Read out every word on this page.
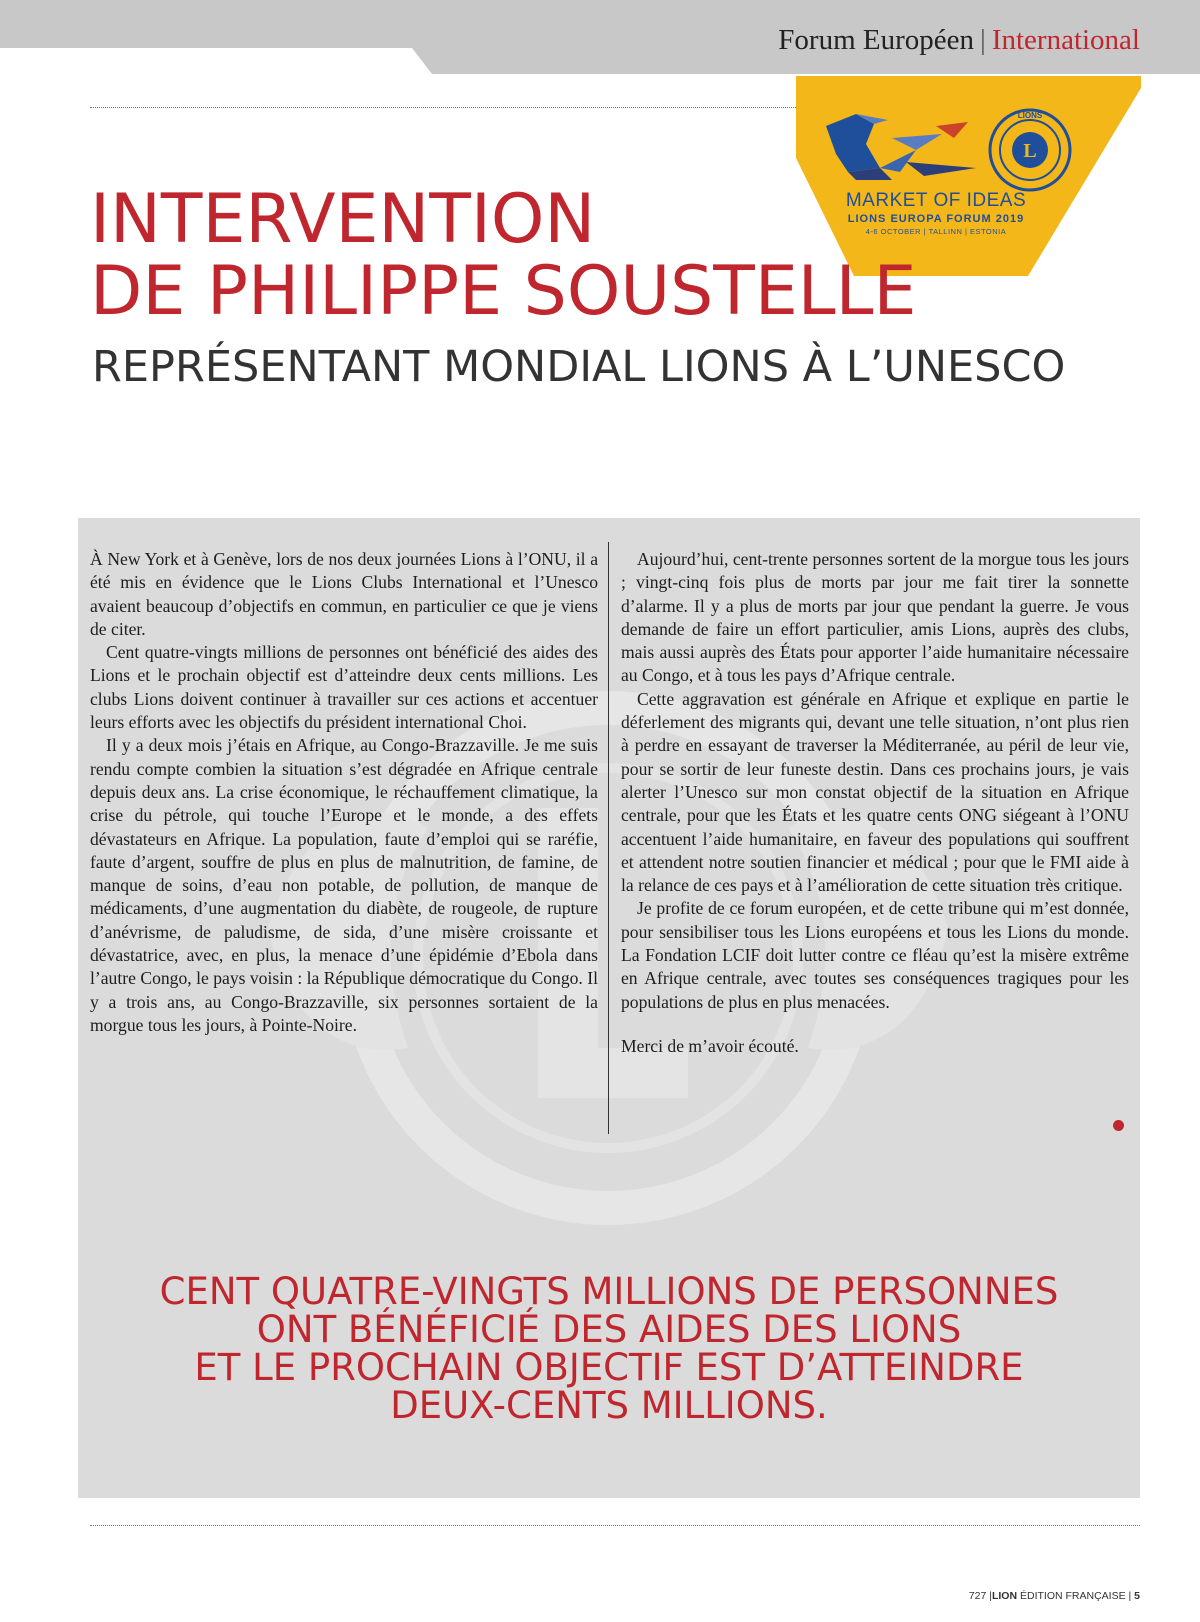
Forum Européen | International
L
LIONS
MARKET OF IDEAS
LIONS EUROPA FORUM 2019
4-6 OCTOBER | TALLINN | ESTONIA
INTERVENTION
DE PHILIPPE SOUSTELLE
REPRÉSENTANT MONDIAL LIONS À L’UNESCO

À New York et à Genève, lors de nos deux journées Lions à l’ONU, il a été mis en évidence que le Lions Clubs International et l’Unesco avaient beaucoup d’objectifs en commun, en particulier ce que je viens de citer.

Cent quatre-vingts millions de personnes ont bénéficié des aides des Lions et le prochain objectif est d’atteindre deux cents millions. Les clubs Lions doivent continuer à travailler sur ces actions et accentuer leurs efforts avec les objectifs du président international Choi.

Il y a deux mois j’étais en Afrique, au Congo-Brazzaville. Je me suis rendu compte combien la situation s’est dégradée en Afrique centrale depuis deux ans. La crise économique, le réchauffement climatique, la crise du pétrole, qui touche l’Europe et le monde, a des effets dévastateurs en Afrique. La population, faute d’emploi qui se raréfie, faute d’argent, souffre de plus en plus de malnutrition, de famine, de manque de soins, d’eau non potable, de pollution, de manque de médicaments, d’une augmentation du diabète, de rougeole, de rupture d’anévrisme, de paludisme, de sida, d’une misère croissante et dévastatrice, avec, en plus, la menace d’une épidémie d’Ebola dans l’autre Congo, le pays voisin : la République démocratique du Congo. Il y a trois ans, au Congo-Brazzaville, six personnes sortaient de la morgue tous les jours, à Pointe-Noire.

Aujourd’hui, cent-trente personnes sortent de la morgue tous les jours ; vingt-cinq fois plus de morts par jour me fait tirer la sonnette d’alarme. Il y a plus de morts par jour que pendant la guerre. Je vous demande de faire un effort particulier, amis Lions, auprès des clubs, mais aussi auprès des États pour apporter l’aide humanitaire nécessaire au Congo, et à tous les pays d’Afrique centrale.

Cette aggravation est générale en Afrique et explique en partie le déferlement des migrants qui, devant une telle situation, n’ont plus rien à perdre en essayant de traverser la Méditerranée, au péril de leur vie, pour se sortir de leur funeste destin. Dans ces prochains jours, je vais alerter l’Unesco sur mon constat objectif de la situation en Afrique centrale, pour que les États et les quatre cents ONG siégeant à l’ONU accentuent l’aide humanitaire, en faveur des populations qui souffrent et attendent notre soutien financier et médical ; pour que le FMI aide à la relance de ces pays et à l’amélioration de cette situation très critique.

Je profite de ce forum européen, et de cette tribune qui m’est donnée, pour sensibiliser tous les Lions européens et tous les Lions du monde. La Fondation LCIF doit lutter contre ce fléau qu’est la misère extrême en Afrique centrale, avec toutes ses conséquences tragiques pour les populations de plus en plus menacées.

Merci de m’avoir écouté.

CENT QUATRE-VINGTS MILLIONS DE PERSONNES
ONT BÉNÉFICIÉ DES AIDES DES LIONS
ET LE PROCHAIN OBJECTIF EST D’ATTEINDRE
DEUX-CENTS MILLIONS.
727 |LION ÉDITION FRANÇAISE | 5
